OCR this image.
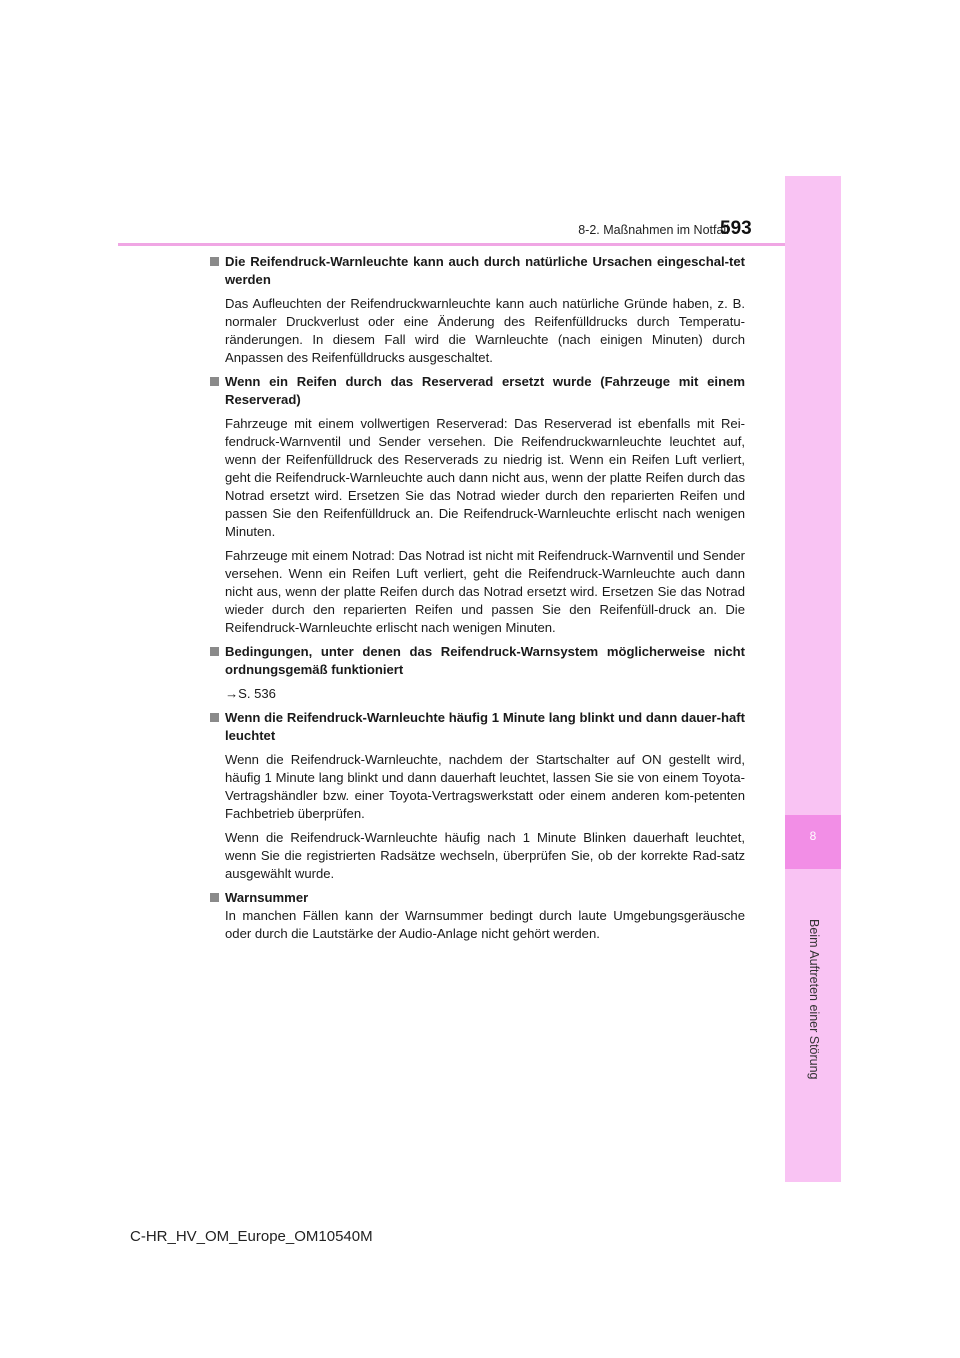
8
Beim Auftreten einer Störung
8-2. Maßnahmen im Notfall
593
Die Reifendruck-Warnleuchte kann auch durch natürliche Ursachen eingeschal-tet werden
Das Aufleuchten der Reifendruckwarnleuchte kann auch natürliche Gründe haben, z. B. normaler Druckverlust oder eine Änderung des Reifenfülldrucks durch Temperatu-ränderungen. In diesem Fall wird die Warnleuchte (nach einigen Minuten) durch Anpassen des Reifenfülldrucks ausgeschaltet.
Wenn ein Reifen durch das Reserverad ersetzt wurde (Fahrzeuge mit einem Reserverad)
Fahrzeuge mit einem vollwertigen Reserverad: Das Reserverad ist ebenfalls mit Rei-fendruck-Warnventil und Sender versehen. Die Reifendruckwarnleuchte leuchtet auf, wenn der Reifenfülldruck des Reserverads zu niedrig ist. Wenn ein Reifen Luft verliert, geht die Reifendruck-Warnleuchte auch dann nicht aus, wenn der platte Reifen durch das Notrad ersetzt wird. Ersetzen Sie das Notrad wieder durch den reparierten Reifen und passen Sie den Reifenfülldruck an. Die Reifendruck-Warnleuchte erlischt nach wenigen Minuten.
Fahrzeuge mit einem Notrad: Das Notrad ist nicht mit Reifendruck-Warnventil und Sender versehen. Wenn ein Reifen Luft verliert, geht die Reifendruck-Warnleuchte auch dann nicht aus, wenn der platte Reifen durch das Notrad ersetzt wird. Ersetzen Sie das Notrad wieder durch den reparierten Reifen und passen Sie den Reifenfüll-druck an. Die Reifendruck-Warnleuchte erlischt nach wenigen Minuten.
Bedingungen, unter denen das Reifendruck-Warnsystem möglicherweise nicht ordnungsgemäß funktioniert
→S. 536
Wenn die Reifendruck-Warnleuchte häufig 1 Minute lang blinkt und dann dauer-haft leuchtet
Wenn die Reifendruck-Warnleuchte, nachdem der Startschalter auf ON gestellt wird, häufig 1 Minute lang blinkt und dann dauerhaft leuchtet, lassen Sie sie von einem Toyota-Vertragshändler bzw. einer Toyota-Vertragswerkstatt oder einem anderen kom-petenten Fachbetrieb überprüfen.
Wenn die Reifendruck-Warnleuchte häufig nach 1 Minute Blinken dauerhaft leuchtet, wenn Sie die registrierten Radsätze wechseln, überprüfen Sie, ob der korrekte Rad-satz ausgewählt wurde.
Warnsummer
In manchen Fällen kann der Warnsummer bedingt durch laute Umgebungsgeräusche oder durch die Lautstärke der Audio-Anlage nicht gehört werden.
C-HR_HV_OM_Europe_OM10540M
